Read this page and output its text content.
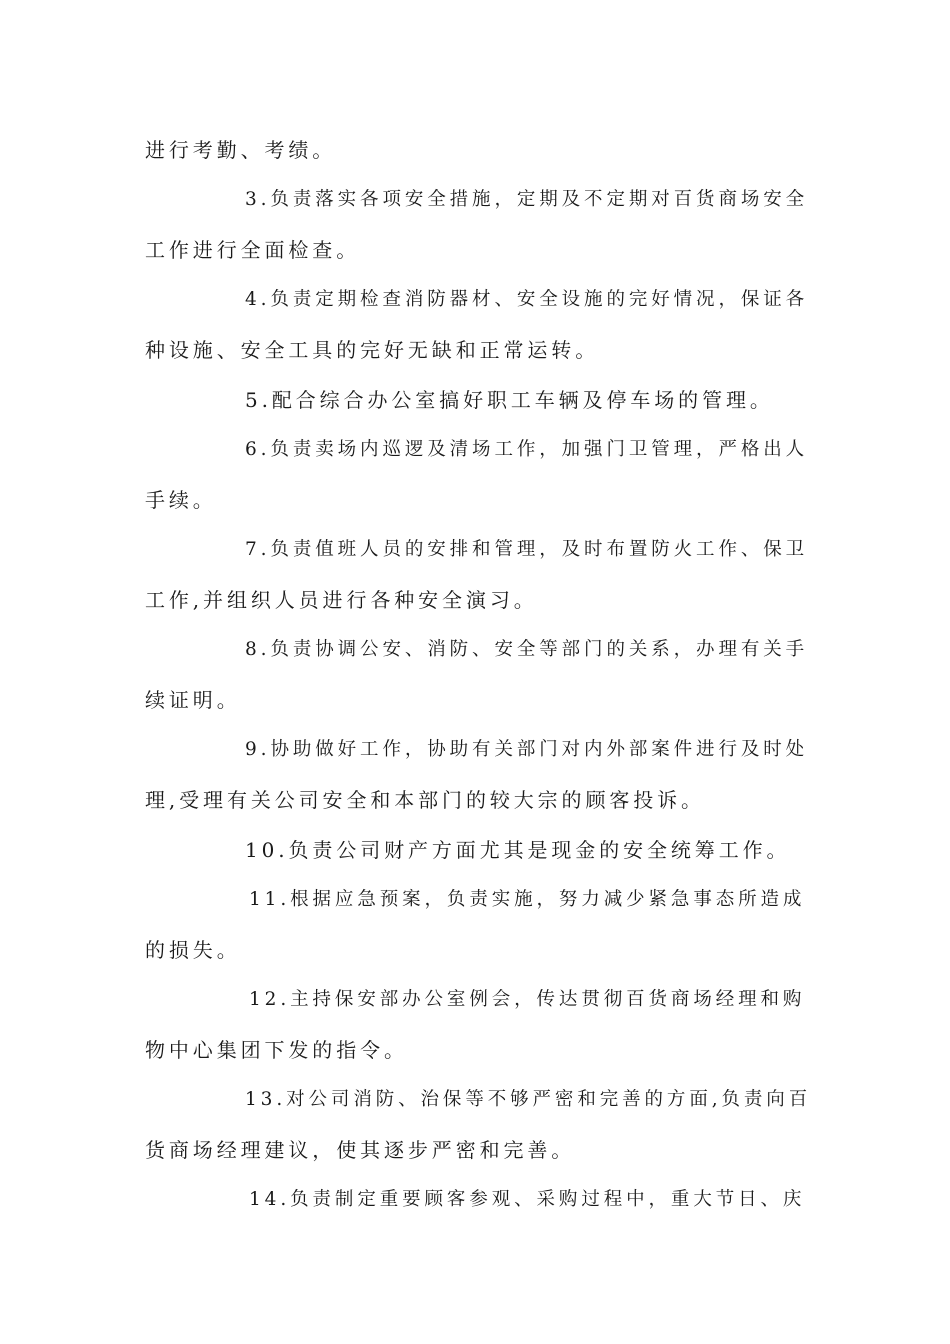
进行考勤、考绩。
3.负责落实各项安全措施，定期及不定期对百货商场安全
工作进行全面检查。
4.负责定期检查消防器材、安全设施的完好情况，保证各
种设施、安全工具的完好无缺和正常运转。
5.配合综合办公室搞好职工车辆及停车场的管理。
6.负责卖场内巡逻及清场工作，加强门卫管理，严格出人
手续。
7.负责值班人员的安排和管理，及时布置防火工作、保卫
工作,并组织人员进行各种安全演习。
8.负责协调公安、消防、安全等部门的关系，办理有关手
续证明。
9.协助做好工作，协助有关部门对内外部案件进行及时处
理,受理有关公司安全和本部门的较大宗的顾客投诉。
10.负责公司财产方面尤其是现金的安全统筹工作。
11.根据应急预案，负责实施，努力减少紧急事态所造成
的损失。
12.主持保安部办公室例会，传达贯彻百货商场经理和购
物中心集团下发的指令。
13.对公司消防、治保等不够严密和完善的方面,负责向百
货商场经理建议，使其逐步严密和完善。
14.负责制定重要顾客参观、采购过程中，重大节日、庆
